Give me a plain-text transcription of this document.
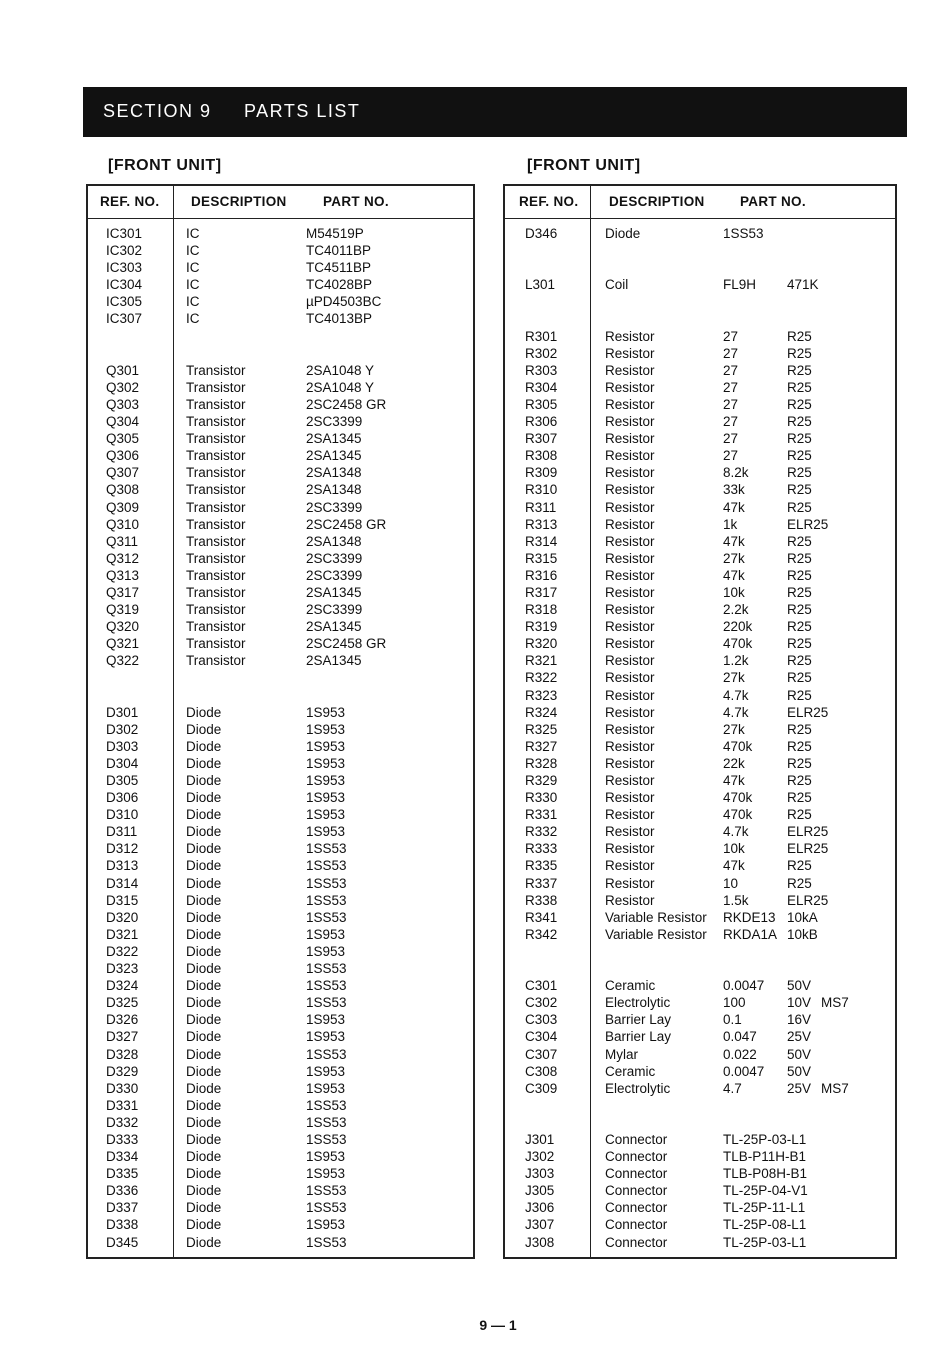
SECTION 9 PARTS LIST
[FRONT UNIT]	[FRONT UNIT]
REF. NO. DESCRIPTION	PART NO.
IC301	IC	M54519P
IC302	IC	TC4011BP
IC303	IC	TC4511BP
IC304	IC	TC4028BP
IC305	IC	µPD4503BC
IC307	IC	TC4013BP
Q301	Transistor	2SA1048 Y
Q302	Transistor	2SA1048 Y
Q303	Transistor	2SC2458 GR
Q304	Transistor	2SC3399
Q305	Transistor	2SA1345
Q306	Transistor	2SA1345
Q307	Transistor	2SA1348
Q308	Transistor	2SA1348
Q309	Transistor	2SC3399
Q310	Transistor	2SC2458 GR
Q311	Transistor	2SA1348
Q312	Transistor	2SC3399
Q313	Transistor	2SC3399
Q317	Transistor	2SA1345
Q319	Transistor	2SC3399
Q320	Transistor	2SA1345
Q321	Transistor	2SC2458 GR
Q322	Transistor	2SA1345
D301	Diode	1S953
D302	Diode	1S953
D303	Diode	1S953
D304	Diode	1S953
D305	Diode	1S953
D306	Diode	1S953
D310	Diode	1S953
D311	Diode	1S953
D312	Diode	1SS53
D313	Diode	1SS53
D314	Diode	1SS53
D315	Diode	1SS53
D320	Diode	1SS53
D321	Diode	1S953
D322	Diode	1S953
D323	Diode	1SS53
D324	Diode	1SS53
D325	Diode	1SS53
D326	Diode	1S953
D327	Diode	1S953
D328	Diode	1SS53
D329	Diode	1S953
D330	Diode	1S953
D331	Diode	1SS53
D332	Diode	1SS53
D333	Diode	1SS53
D334	Diode	1S953
D335	Diode	1S953
D336	Diode	1SS53
D337	Diode	1SS53
D338	Diode	1S953
D345	Diode	1SS53
REF. NO. DESCRIPTION	PART NO.
D346	Diode	1SS53
L301	Coil	FL9H 471K
R301	Resistor	27	R25
R302	Resistor	27	R25
R303	Resistor	27	R25
R304	Resistor	27	R25
R305	Resistor	27	R25
R306	Resistor	27	R25
R307	Resistor	27	R25
R308	Resistor	27	R25
R309	Resistor	8.2k	R25
R310	Resistor	33k	R25
R311	Resistor	47k	R25
R313	Resistor	1k	ELR25
R314	Resistor	47k	R25
R315	Resistor	27k	R25
R316	Resistor	47k	R25
R317	Resistor	10k	R25
R318	Resistor	2.2k	R25
R319	Resistor	220k	R25
R320	Resistor	470k	R25
R321	Resistor	1.2k	R25
R322	Resistor	27k	R25
R323	Resistor	4.7k	R25
R324	Resistor	4.7k	ELR25
R325	Resistor	27k	R25
R327	Resistor	470k	R25
R328	Resistor	22k	R25
R329	Resistor	47k	R25
R330	Resistor	470k	R25
R331	Resistor	470k	R25
R332	Resistor	4.7k	ELR25
R333	Resistor	10k	ELR25
R335	Resistor	47k	R25
R337	Resistor	10	R25
R338	Resistor	1.5k	ELR25
R341	Variable Resistor RKDE13 10kA
R342	Variable Resistor RKDA1A 10kB
C301	Ceramic	0.0047 50V
C302	Electrolytic	100	10V MS7
C303	Barrier Lay	0.1	16V
C304	Barrier Lay	0.047 25V
C307	Mylar	0.022 50V
C308	Ceramic	0.0047 50V
C309	Electrolytic	4.7	25V MS7
J301	Connector	TL-25P-03-L1
J302	Connector	TLB-P11H-B1
J303	Connector	TLB-P08H-B1
J305	Connector	TL-25P-04-V1
J306	Connector	TL-25P-11-L1
J307	Connector	TL-25P-08-L1
J308	Connector	TL-25P-03-L1
9 — 1
